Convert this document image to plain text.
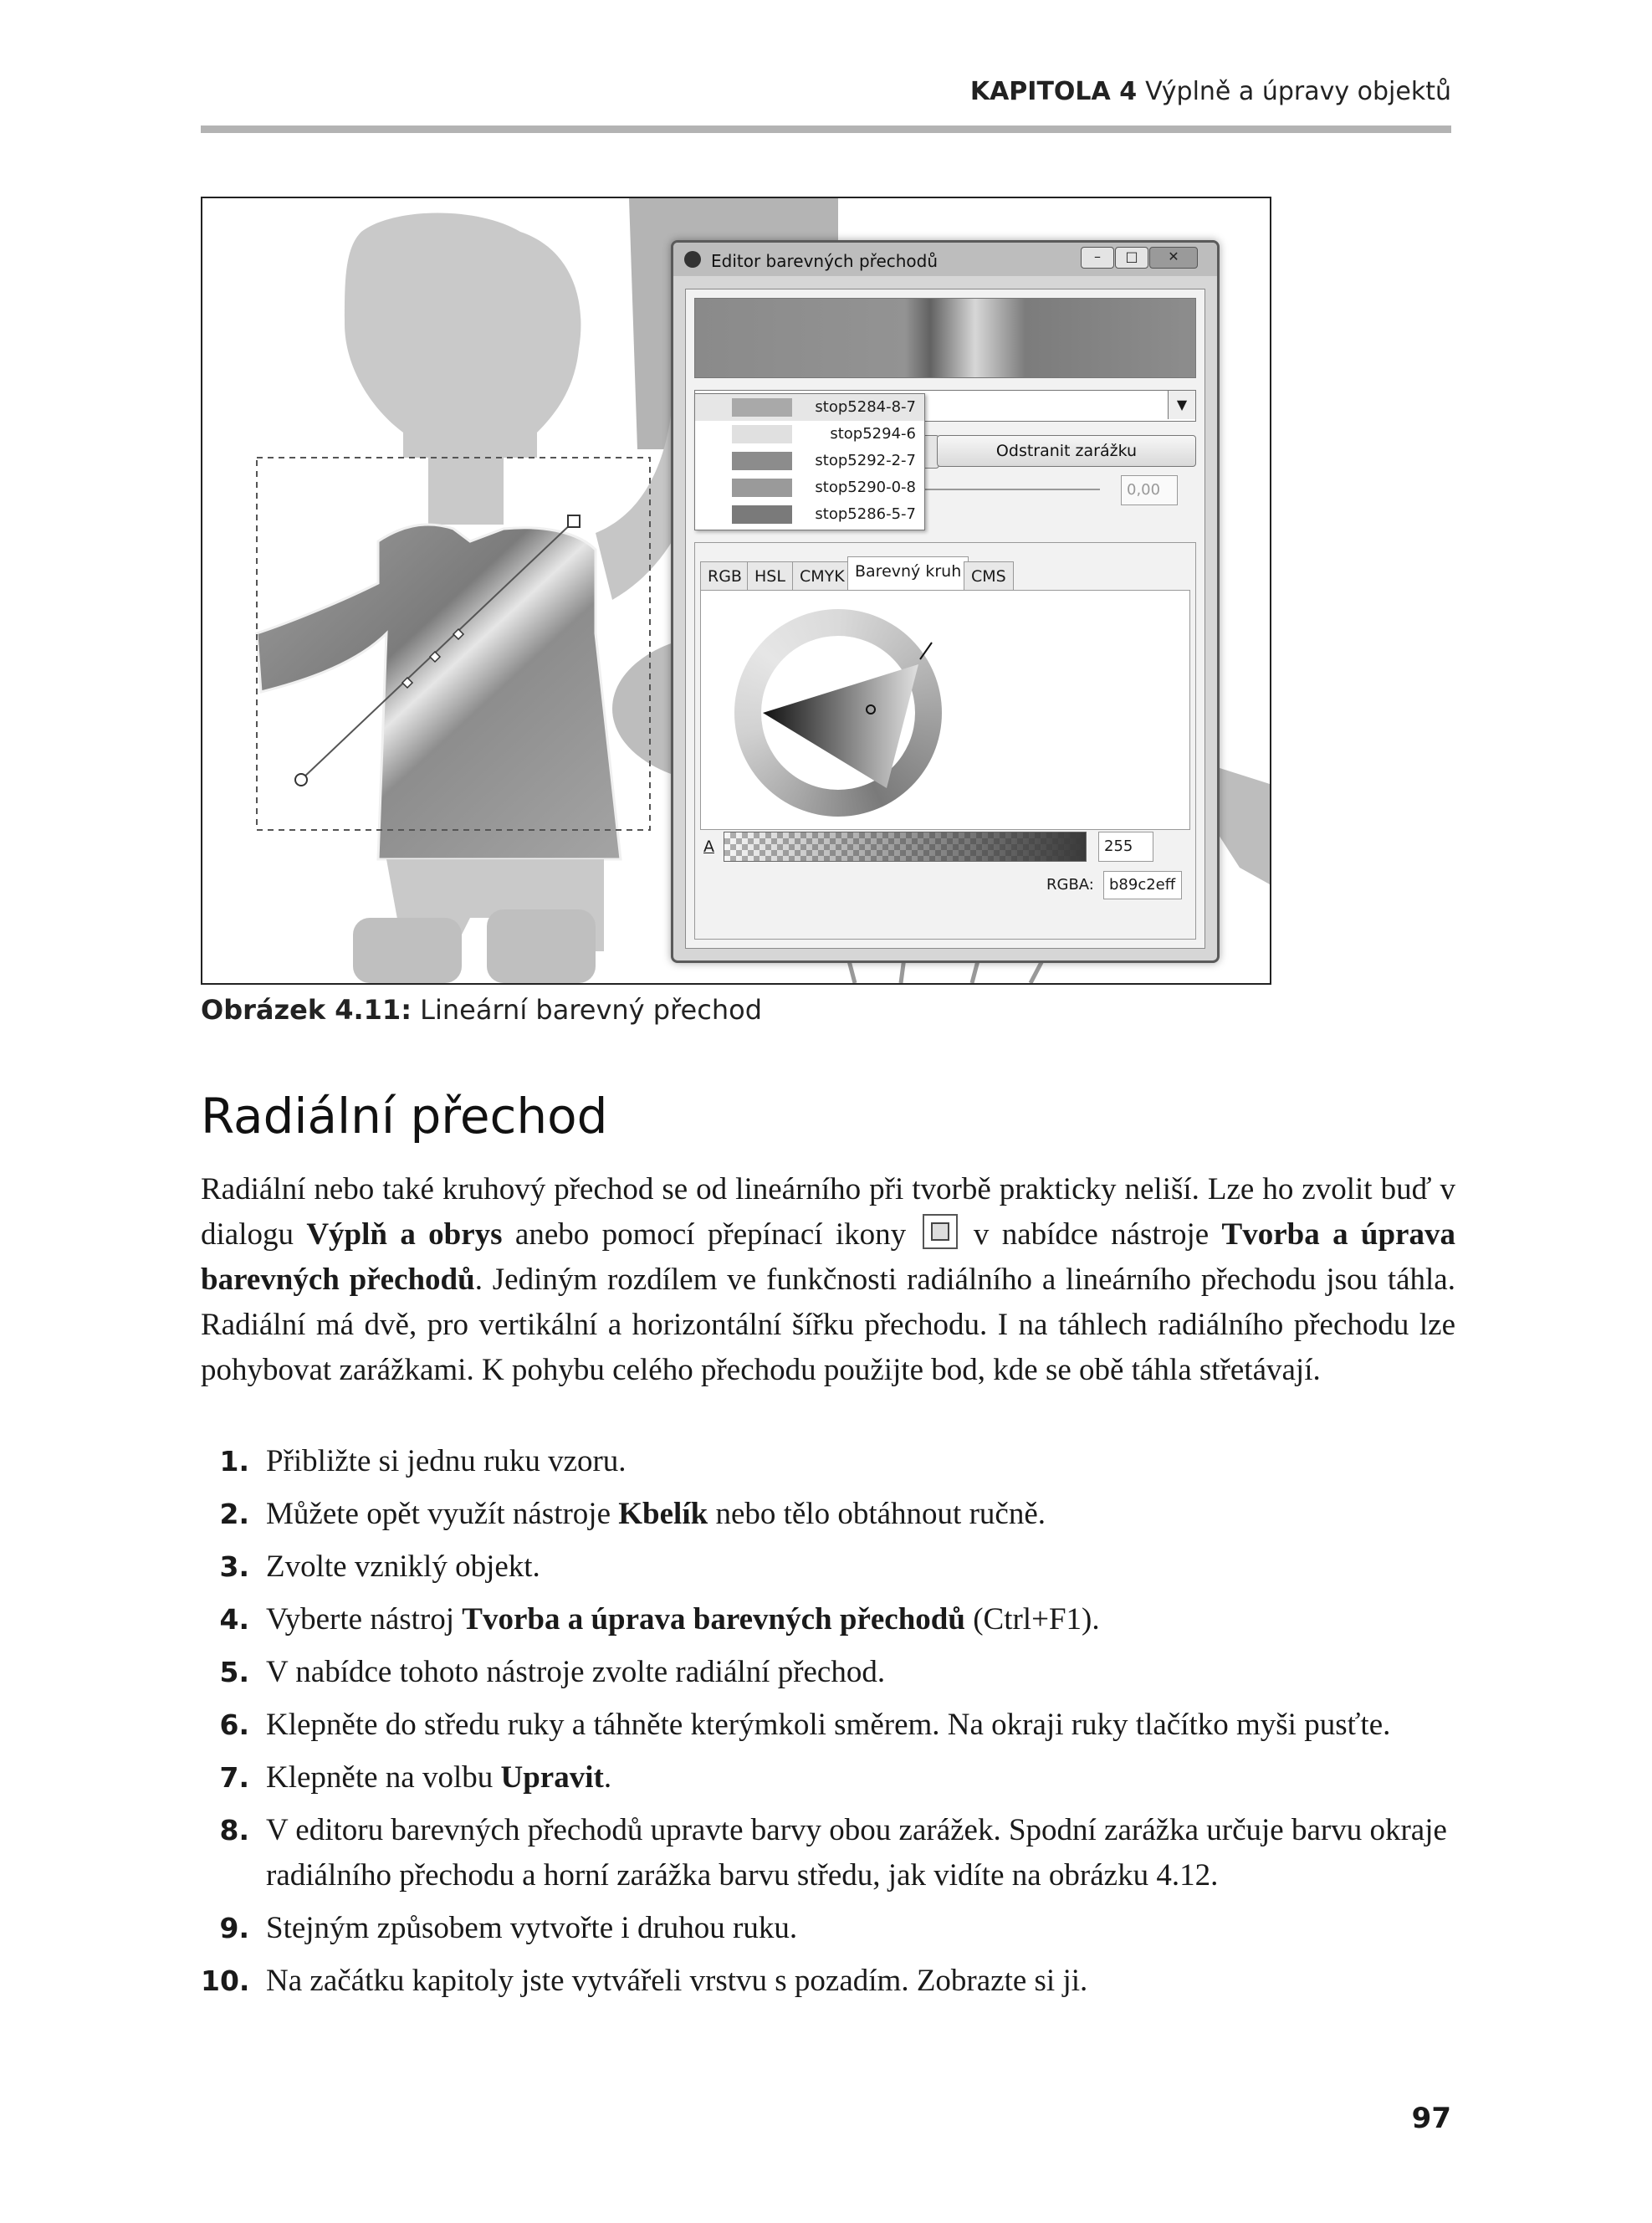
KAPITOLA 4 Výplně a úpravy objektů
Editor barevných přechodů	–	□	✕
▼
Odstranit zarážku
0,00
stop5284-8-7
stop5294-6
stop5292-2-7
stop5290-0-8
stop5286-5-7
RGB HSL CMYK Barevný kruh CMS
A	255
RGBA:	b89c2eff
Obrázek 4.11: Lineární barevný přechod
Radiální přechod

Radiální nebo také kruhový přechod se od lineárního při tvorbě prakticky neliší. Lze ho zvolit buď v dialogu Výplň a obrys anebo pomocí přepínací ikony  v nabídce nástroje Tvorba a úprava barevných přechodů. Jediným rozdílem ve funkčnosti radiálního a lineárního přechodu jsou táhla. Radiální má dvě, pro vertikální a horizontální šířku přechodu. I na táhlech radiálního přechodu lze pohybovat zarážkami. K pohybu celého přechodu použijte bod, kde se obě táhla střetávají.

1. Přibližte si jednu ruku vzoru.
2. Můžete opět využít nástroje Kbelík nebo tělo obtáhnout ručně.
3. Zvolte vzniklý objekt.
4. Vyberte nástroj Tvorba a úprava barevných přechodů (Ctrl+F1).
5. V nabídce tohoto nástroje zvolte radiální přechod.
6. Klepněte do středu ruky a táhněte kterýmkoli směrem. Na okraji ruky tlačítko myši pusťte.
7. Klepněte na volbu Upravit.
8. V editoru barevných přechodů upravte barvy obou zarážek. Spodní zarážka určuje barvu okraje radiálního přechodu a horní zarážka barvu středu, jak vidíte na obrázku 4.12.
9. Stejným způsobem vytvořte i druhou ruku.
10. Na začátku kapitoly jste vytvářeli vrstvu s pozadím. Zobrazte si ji.
97
